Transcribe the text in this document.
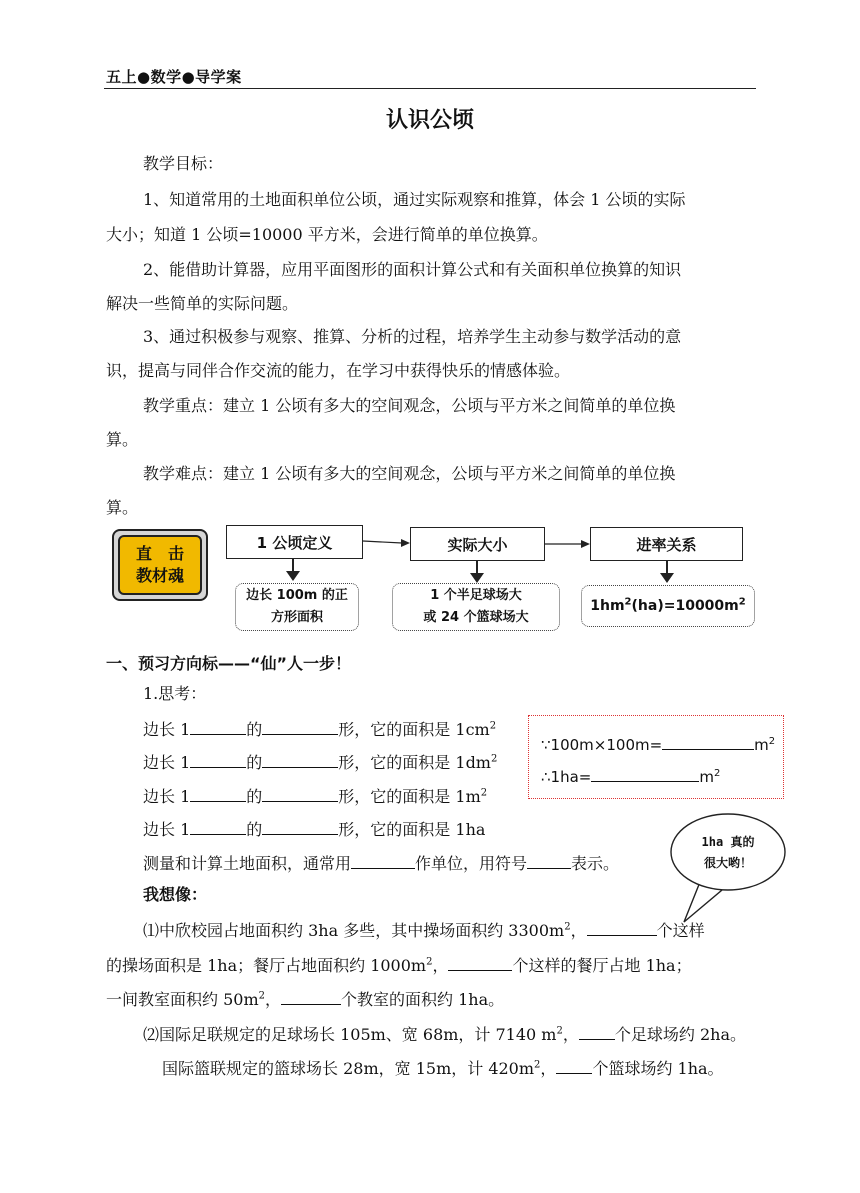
五上●数学●导学案
认识公顷
教学目标：
1、知道常用的土地面积单位公顷，通过实际观察和推算，体会 1 公顷的实际
大小；知道 1 公顷=10000 平方米，会进行简单的单位换算。
2、能借助计算器，应用平面图形的面积计算公式和有关面积单位换算的知识
解决一些简单的实际问题。
3、通过积极参与观察、推算、分析的过程，培养学生主动参与数学活动的意
识，提高与同伴合作交流的能力，在学习中获得快乐的情感体验。
教学重点：建立 1 公顷有多大的空间观念，公顷与平方米之间简单的单位换
算。
教学难点：建立 1 公顷有多大的空间观念，公顷与平方米之间简单的单位换
算。
直　击
教材魂
1 公顷定义	实际大小	进率关系
边长 100m 的正
方形面积
1 个半足球场大
或 24 个篮球场大
$1hm^2(ha)=10000m^2$
一、预习方向标——“仙”人一步！
1.思考：
边长 1	的	形，它的面积是 $1cm^2$
边长 1	的	形，它的面积是 $1dm^2$
边长 1	的	形，它的面积是 $1m^2$
边长 1	的	形，它的面积是 1ha
测量和计算土地面积，通常用	作单位，用符号	表示。
我想像：
⑴中欣校园占地面积约 3ha 多些，其中操场面积约 $3300m^2$，	个这样
的操场面积是 1ha；餐厅占地面积约 $1000m^2$，	个这样的餐厅占地 1ha；
一间教室面积约 $50m^2$，	个教室的面积约 1ha。
⑵国际足联规定的足球场长 105m、宽 68m，计 7140 $m^2$， 个足球场约 2ha。
国际篮联规定的篮球场长 28m，宽 15m，计 $420m^2$， 个篮球场约 1ha。
∵100m×100m=	$m^2$
∴1ha=	$m^2$
1ha 真的
很大哟！
